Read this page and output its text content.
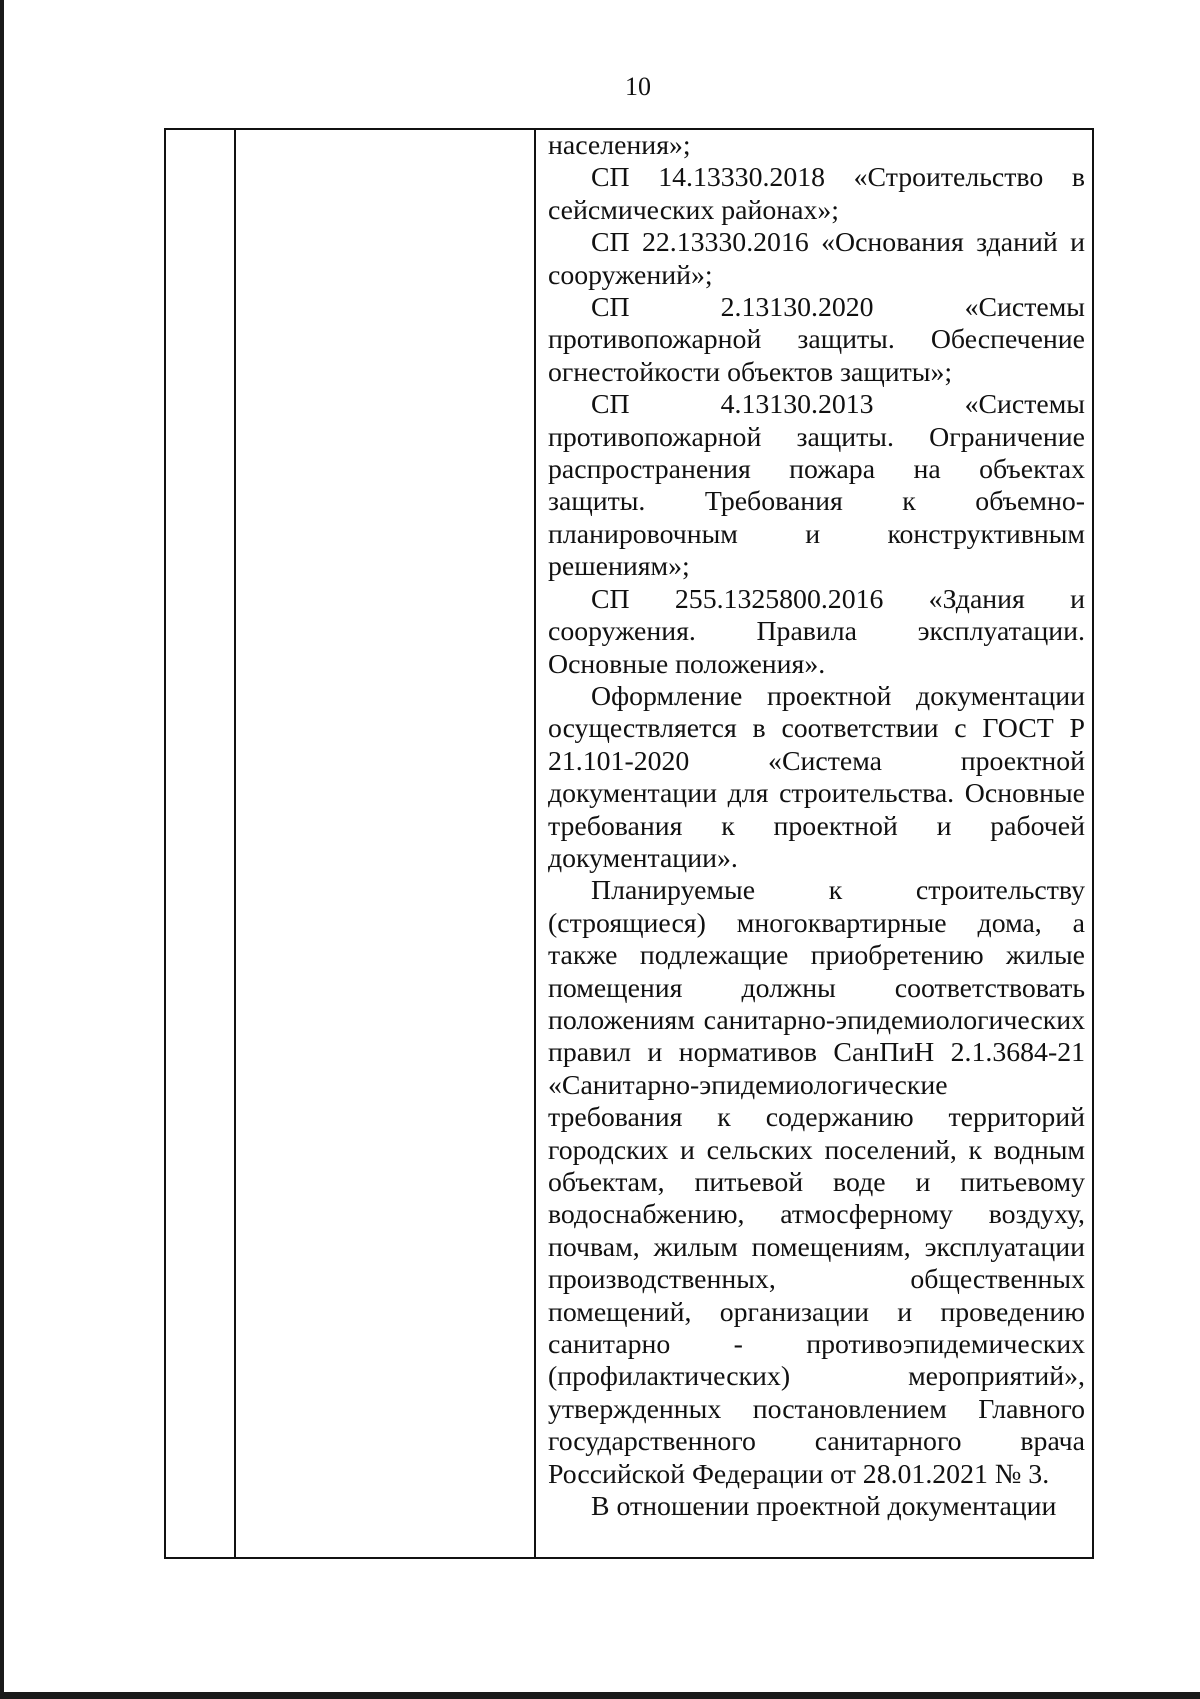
10

населения»;

СП 14.13330.2018 «Строительство в сейсмических районах»;

СП 22.13330.2016 «Основания зданий и сооружений»;

СП 2.13130.2020 «Системы противопожарной защиты. Обеспечение огнестойкости объектов защиты»;

СП 4.13130.2013 «Системы противопожарной защиты. Ограничение распространения пожара на объектах защиты. Требования к объемно-планировочным и конструктивным решениям»;

СП 255.1325800.2016 «Здания и сооружения. Правила эксплуатации. Основные положения».

Оформление проектной документации осуществляется в соответствии с ГОСТ Р 21.101-2020 «Система проектной документации для строительства. Основные требования к проектной и рабочей документации».

Планируемые к строительству (строящиеся) многоквартирные дома, а также подлежащие приобретению жилые помещения должны соответствовать положениям санитарно-эпидемиологических правил и нормативов СанПиН 2.1.3684-21 «Санитарно-эпидемиологические требования к содержанию территорий городских и сельских поселений, к водным объектам, питьевой воде и питьевому водоснабжению, атмосферному воздуху, почвам, жилым помещениям, эксплуатации производственных, общественных помещений, организации и проведению санитарно - противоэпидемических (профилактических) мероприятий», утвержденных постановлением Главного государственного санитарного врача Российской Федерации от 28.01.2021 № 3.

В отношении проектной документации
